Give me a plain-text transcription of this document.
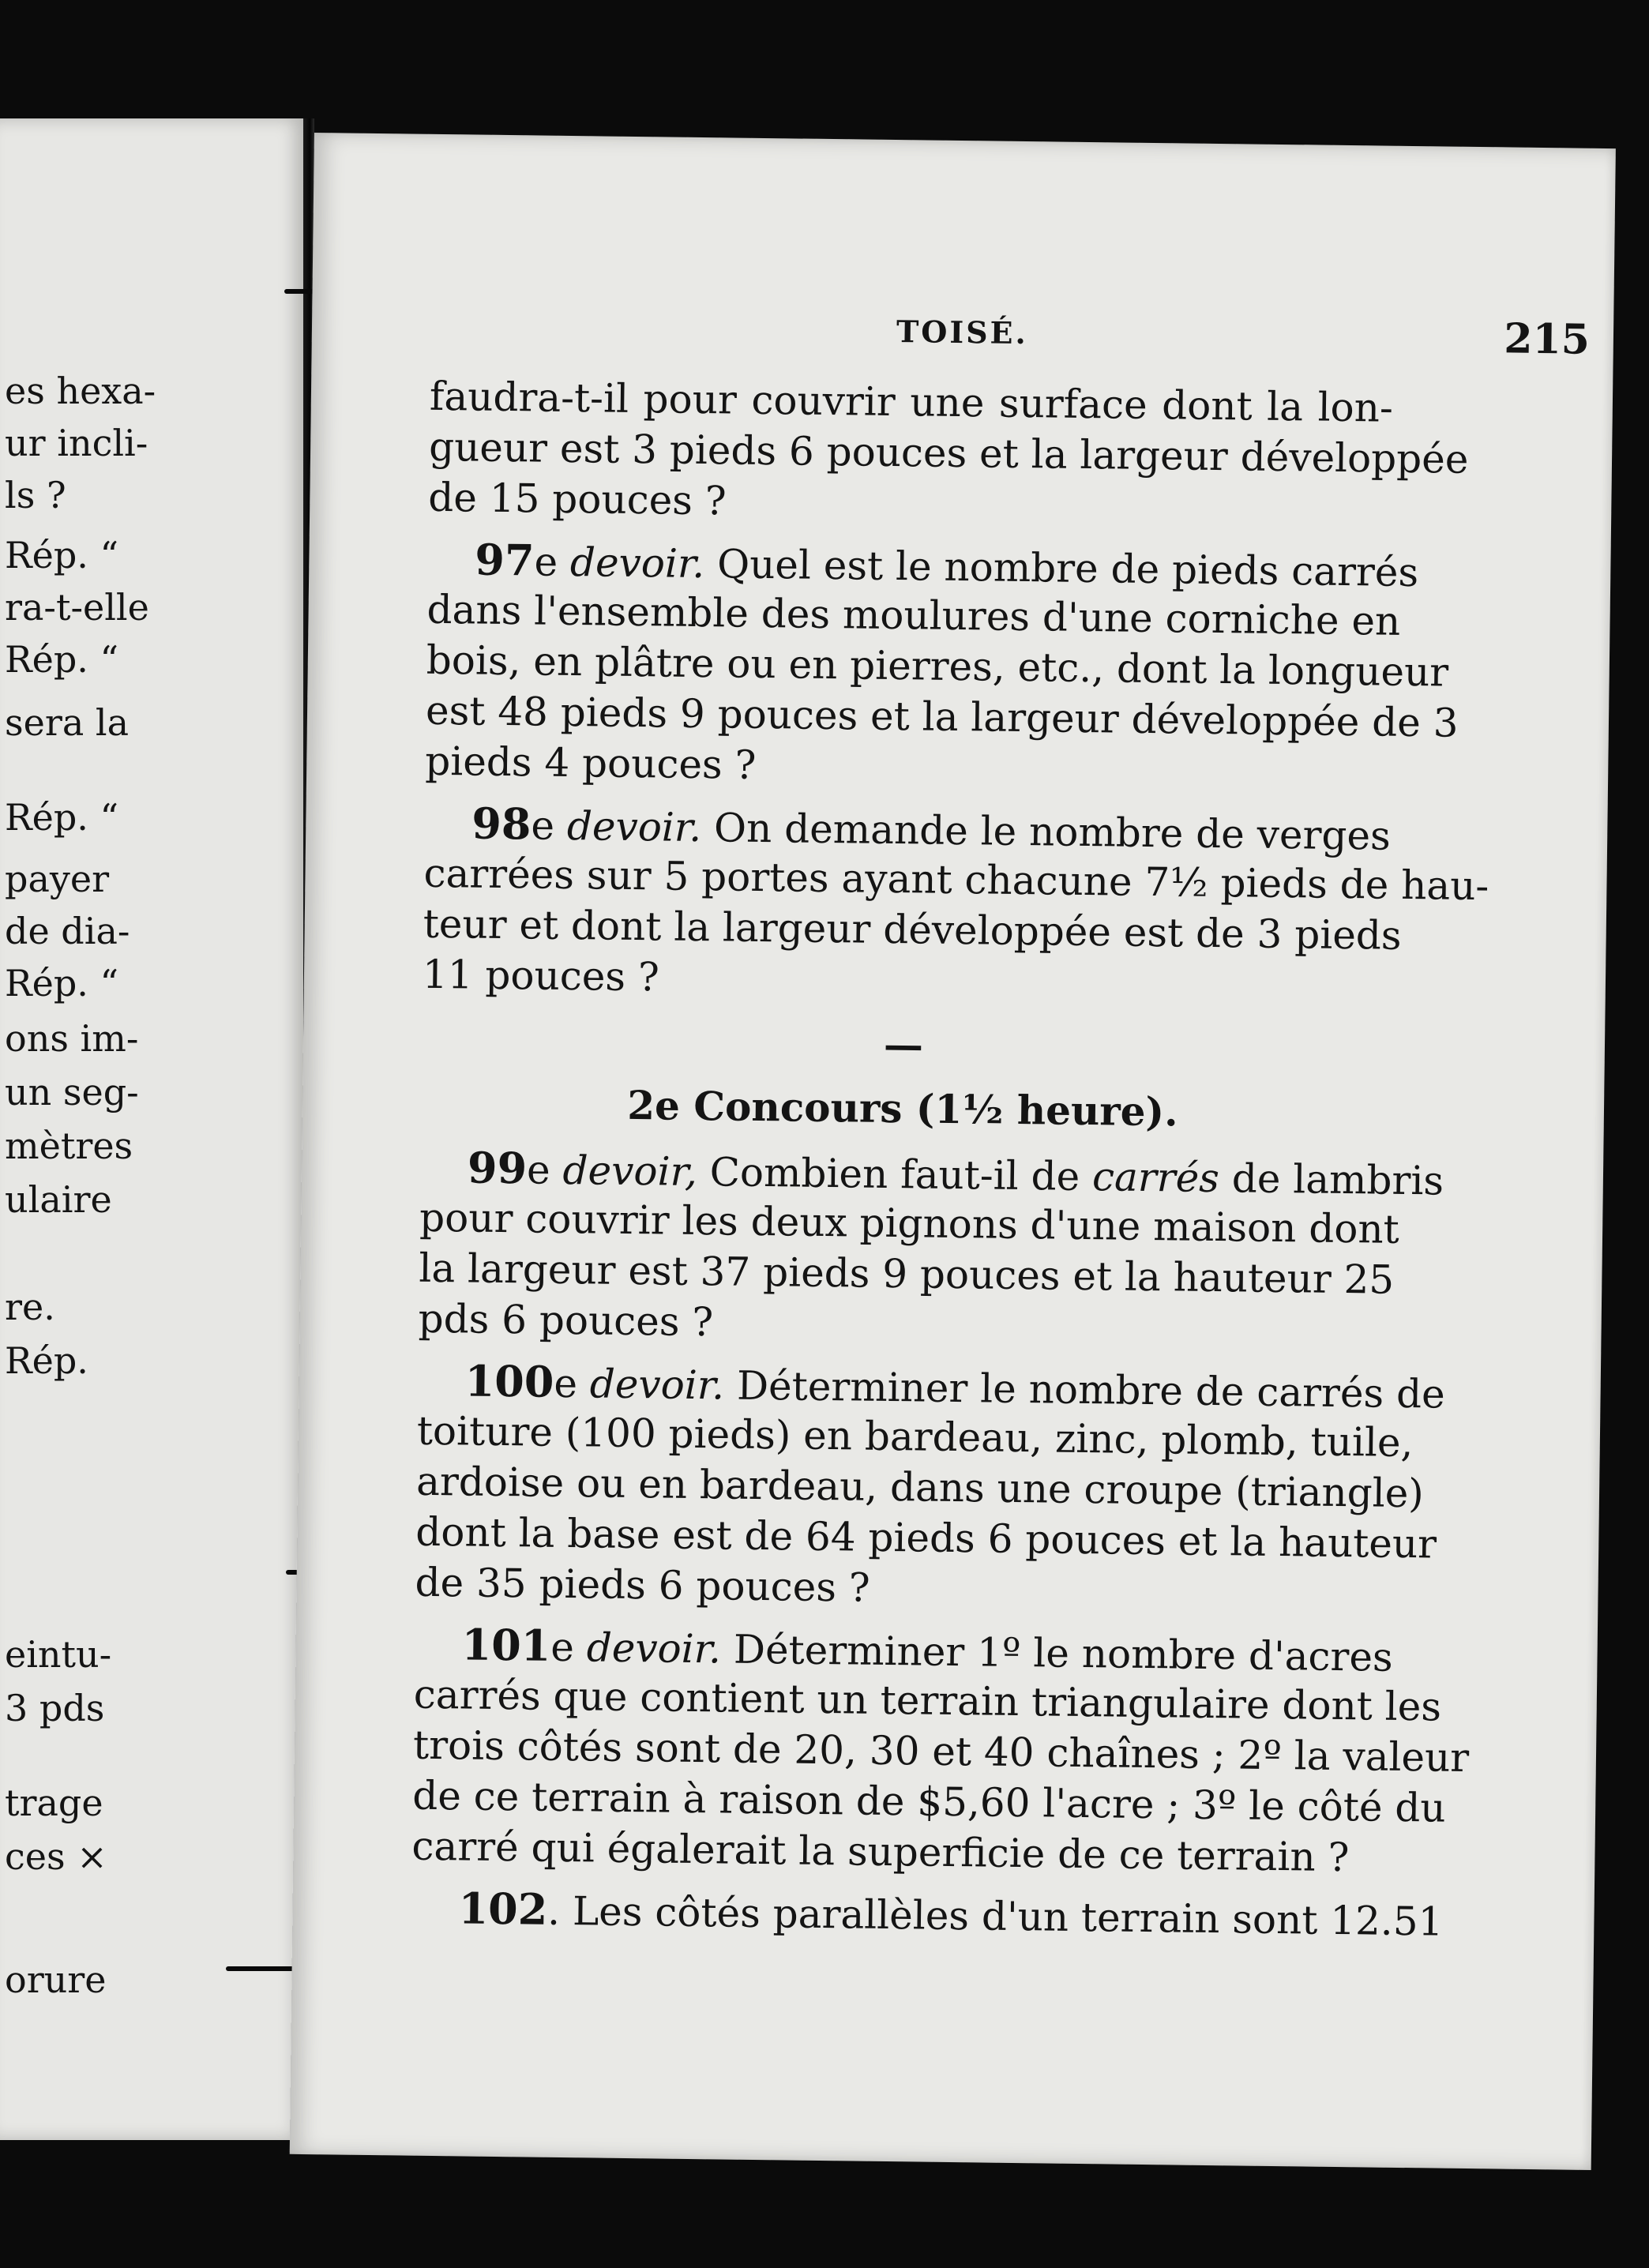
es hexa-
ur incli-
ls ?
Rép. “
ra-t-elle
Rép. “
sera la
Rép. “
payer
de dia-
Rép. “
ons im-
un seg-
mètres
ulaire
re.
Rép.
eintu-
3 pds
trage
ces ×
orure
TOISÉ.	215
faudra-t-il pour couvrir une surface dont la lon-
gueur est 3 pieds 6 pouces et la largeur développée
de 15 pouces ?
97e devoir. Quel est le nombre de pieds carrés
dans l'ensemble des moulures d'une corniche en
bois, en plâtre ou en pierres, etc., dont la longueur
est 48 pieds 9 pouces et la largeur développée de 3
pieds 4 pouces ?
98e devoir. On demande le nombre de verges
carrées sur 5 portes ayant chacune 7½ pieds de hau-
teur et dont la largeur développée est de 3 pieds
11 pouces ?
—
2e Concours (1½ heure).
99e devoir, Combien faut-il de carrés de lambris
pour couvrir les deux pignons d'une maison dont
la largeur est 37 pieds 9 pouces et la hauteur 25
pds 6 pouces ?
100e devoir. Déterminer le nombre de carrés de
toiture (100 pieds) en bardeau, zinc, plomb, tuile,
ardoise ou en bardeau, dans une croupe (triangle)
dont la base est de 64 pieds 6 pouces et la hauteur
de 35 pieds 6 pouces ?
101e devoir. Déterminer 1º le nombre d'acres
carrés que contient un terrain triangulaire dont les
trois côtés sont de 20, 30 et 40 chaînes ; 2º la valeur
de ce terrain à raison de $5,60 l'acre ; 3º le côté du
carré qui égalerait la superficie de ce terrain ?
102. Les côtés parallèles d'un terrain sont 12.51
